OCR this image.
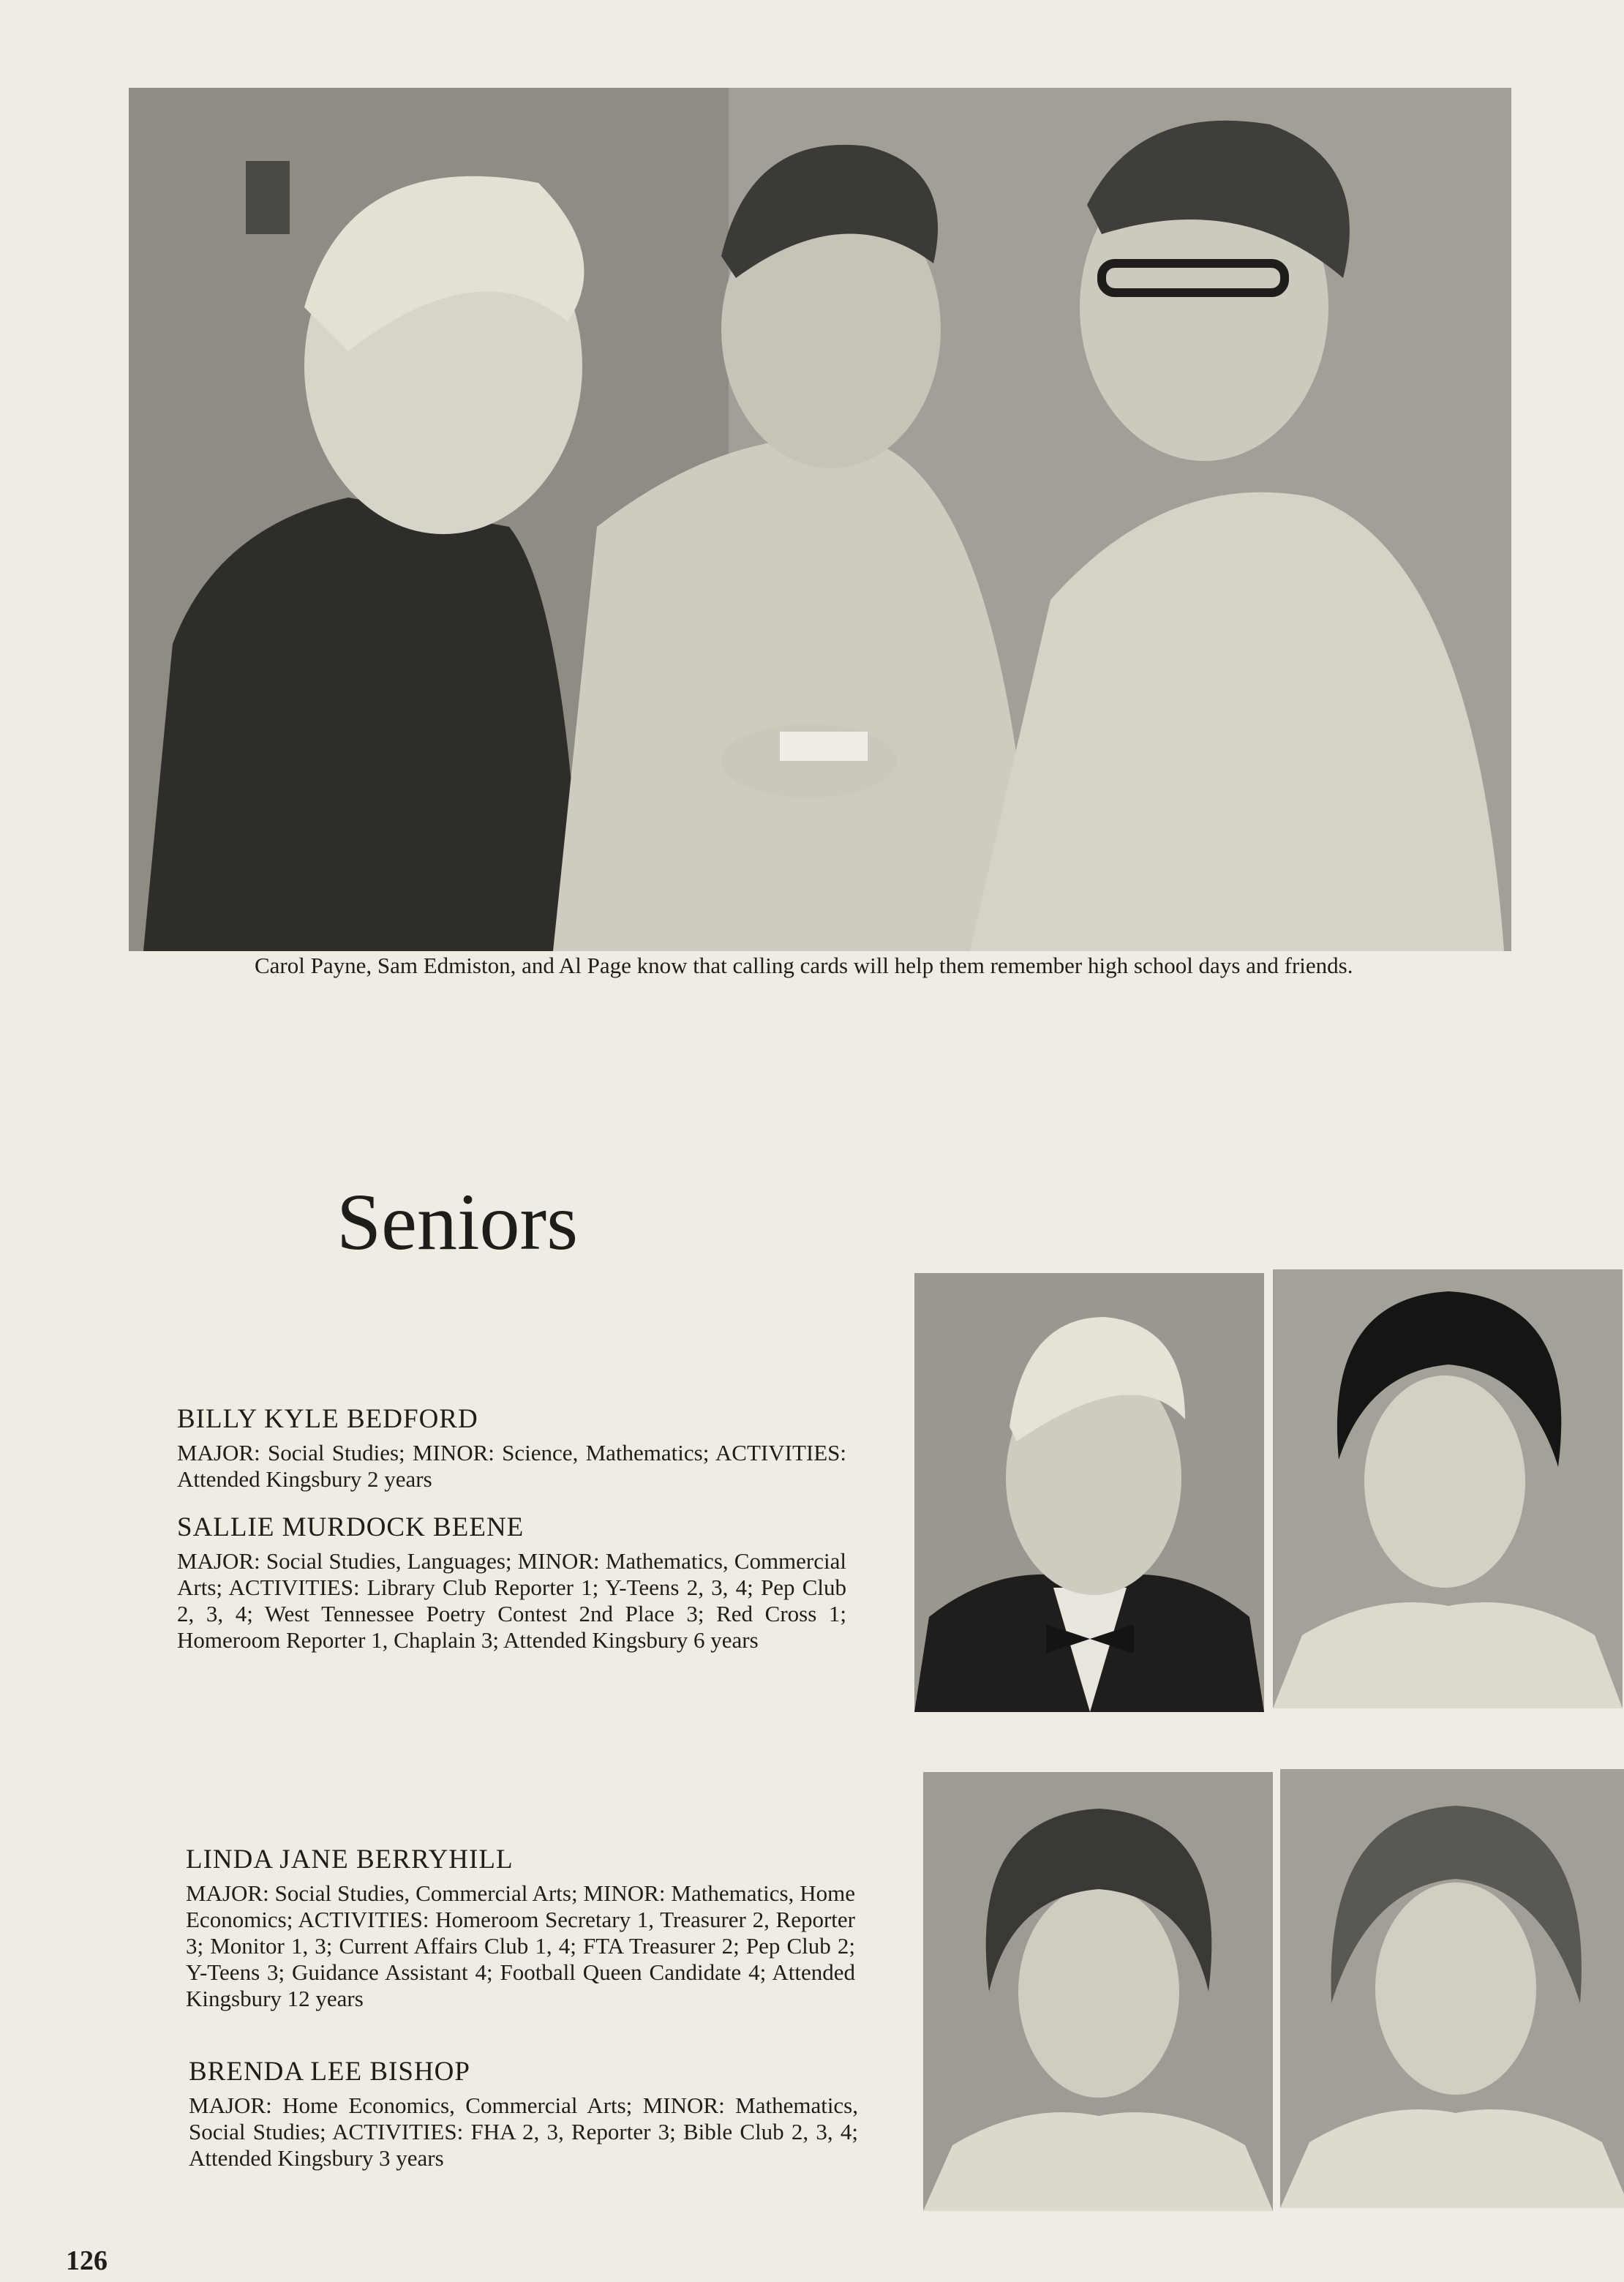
Carol Payne, Sam Edmiston, and Al Page know that calling cards will help them remember high school days and friends.
Seniors
BILLY KYLE BEDFORD
MAJOR: Social Studies; MINOR: Science, Mathematics; ACTIVITIES: Attended Kingsbury 2 years
SALLIE MURDOCK BEENE
MAJOR: Social Studies, Languages; MINOR: Mathematics, Commercial Arts; ACTIVITIES: Library Club Reporter 1; Y-Teens 2, 3, 4; Pep Club 2, 3, 4; West Tennessee Poetry Contest 2nd Place 3; Red Cross 1; Homeroom Reporter 1, Chaplain 3; Attended Kingsbury 6 years
LINDA JANE BERRYHILL
MAJOR: Social Studies, Commercial Arts; MINOR: Mathematics, Home Economics; ACTIVITIES: Homeroom Secretary 1, Treasurer 2, Reporter 3; Monitor 1, 3; Current Affairs Club 1, 4; FTA Treasurer 2; Pep Club 2; Y-Teens 3; Guidance Assistant 4; Football Queen Candidate 4; Attended Kingsbury 12 years
BRENDA LEE BISHOP
MAJOR: Home Economics, Commercial Arts; MINOR: Mathematics, Social Studies; ACTIVITIES: FHA 2, 3, Reporter 3; Bible Club 2, 3, 4; Attended Kingsbury 3 years
126
